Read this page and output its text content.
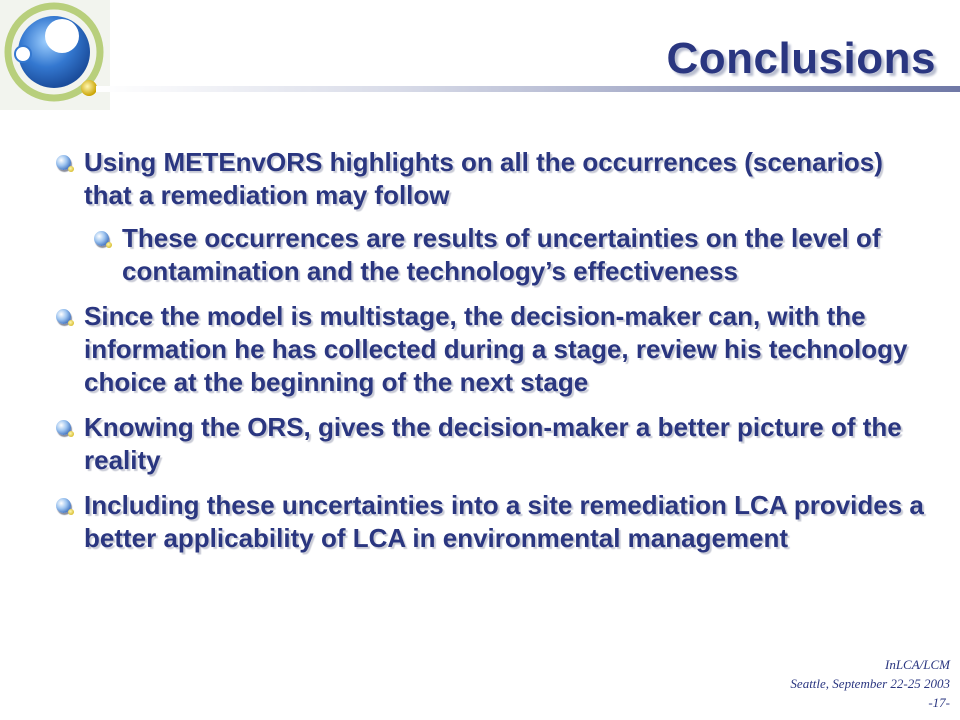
Conclusions
Using METEnvORS highlights on all the occurrences (scenarios) that a remediation may follow
These occurrences are results of uncertainties on the level of contamination and the technology’s effectiveness
Since the model is multistage, the decision-maker can, with the information he has collected during a stage, review his technology choice at the beginning of the next stage
Knowing the ORS, gives the decision-maker a better picture of the reality
Including these uncertainties into a site remediation LCA provides a better applicability of LCA in environmental management
InLCA/LCM
Seattle, September 22-25 2003
-17-
